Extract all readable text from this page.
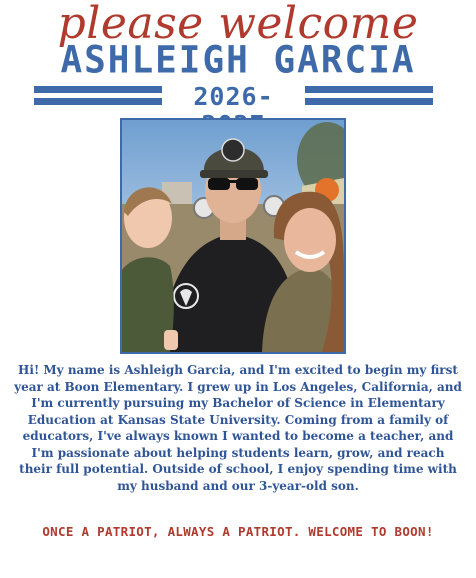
please welcome
ASHLEIGH GARCIA
2026-
Hi! My name is Ashleigh Garcia, and I'm excited to begin my first year at Boon Elementary. I grew up in Los Angeles, California, and I'm currently pursuing my Bachelor of Science in Elementary Education at Kansas State University. Coming from a family of educators, I've always known I wanted to become a teacher, and I'm passionate about helping students learn, grow, and reach their full potential. Outside of school, I enjoy spending time with my husband and our 3-year-old son.
ONCE A PATRIOT, ALWAYS A PATRIOT. WELCOME TO BOON!
